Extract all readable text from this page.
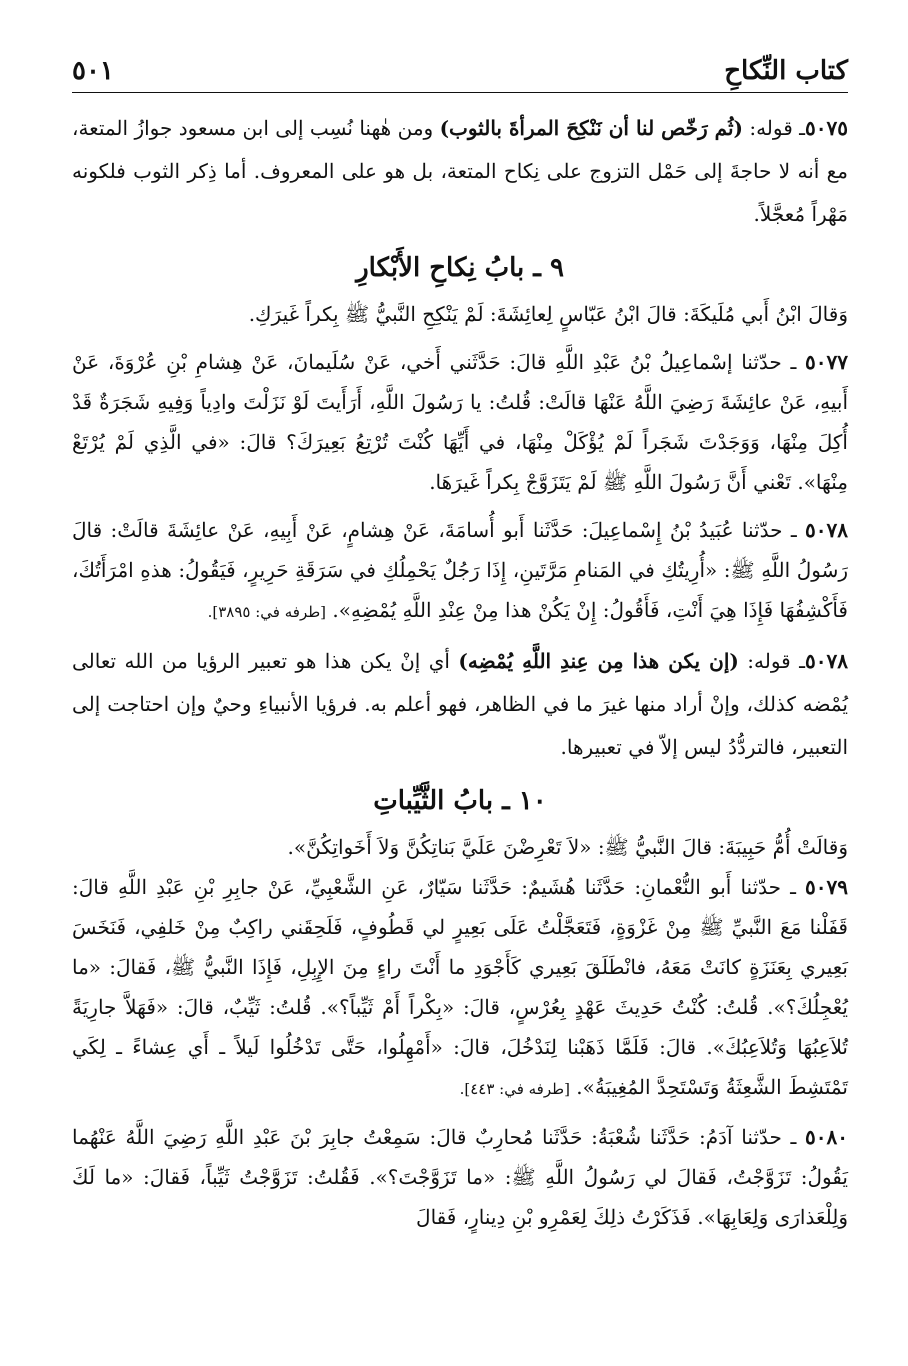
كتاب النِّكاحِ
٥٠١

٥٠٧٥ـ قوله: (ثُم رَخّص لنا أن نَنْكِحَ المرأةَ بالثوب) ومن هٰهنا نُسِب إلى ابن مسعود جوازُ المتعة، مع أنه لا حاجةَ إلى حَمْل التزوج على نِكاح المتعة، بل هو على المعروف. أما ذِكر الثوب فلكونه مَهْراً مُعجَّلاً.

٩ ـ بابُ نِكاحِ الأَبْكارِ

وَقالَ ابْنُ أَبي مُلَيكَةَ: قالَ ابْنُ عَبّاسٍ لِعائِشَةَ: لَمْ يَنْكِحِ النَّبيُّ ﷺ بِكراً غَيرَكِ.

٥٠٧٧ ـ حدّثنا إسْماعِيلُ بْنُ عَبْدِ اللَّهِ قالَ: حَدَّثَني أَخي، عَنْ سُلَيمانَ، عَنْ هِشامِ بْنِ عُرْوَةَ، عَنْ أَبيهِ، عَنْ عائِشَةَ رَضِيَ اللَّهُ عَنْهَا قالَتْ: قُلتُ: يا رَسُولَ اللَّهِ، أَرَأَيتَ لَوْ نَزَلْتَ وادِياً وَفِيهِ شَجَرَةٌ قَدْ أُكِلَ مِنْهَا، وَوَجَدْتَ شَجَراً لَمْ يُؤْكَلْ مِنْهَا، في أَيِّهَا كُنْتَ تُرْتِعُ بَعِيرَكَ؟ قالَ: «في الَّذِي لَمْ يُرْتَعْ مِنْهَا». تَعْني أَنَّ رَسُولَ اللَّهِ ﷺ لَمْ يَتَزَوَّجْ بِكراً غَيرَهَا.

٥٠٧٨ ـ حدّثنا عُبَيدُ بْنُ إِسْماعِيلَ: حَدَّثَنا أَبو أُسامَةَ، عَنْ هِشامٍ، عَنْ أَبِيهِ، عَنْ عائِشَةَ قالَتْ: قالَ رَسُولُ اللَّهِ ﷺ: «أُرِيتُكِ في المَنامِ مَرَّتَينِ، إِذَا رَجُلٌ يَحْمِلُكِ في سَرَقَةِ حَرِيرٍ، فَيَقُولُ: هذهِ امْرَأَتُكَ، فَأَكْشِفُهَا فَإِذَا هِيَ أَنْتِ، فَأَقُولُ: إِنْ يَكُنْ هذا مِنْ عِنْدِ اللَّهِ يُمْضِهِ». [طرفه في: ٣٨٩٥].

٥٠٧٨ـ قوله: (إن يكن هذا مِن عِندِ اللَّهِ يُمْضِه) أي إنْ يكن هذا هو تعبير الرؤيا من الله تعالى يُمْضه كذلك، وإنْ أراد منها غيرَ ما في الظاهر، فهو أعلم به. فرؤيا الأنبياءِ وحيٌ وإن احتاجت إلى التعبير، فالتردُّدُ ليس إلاّ في تعبيرها.

١٠ ـ بابُ الثَّيِّباتِ

وَقالَتْ أُمُّ حَبِيبَةَ: قالَ النَّبيُّ ﷺ: «لاَ تَعْرِضْنَ عَلَيَّ بَناتِكُنَّ وَلاَ أَخَواتِكُنَّ».

٥٠٧٩ ـ حدّثنا أَبو النُّعْمانِ: حَدَّثَنا هُشَيمٌ: حَدَّثَنا سَيّارٌ، عَنِ الشَّعْبِيِّ، عَنْ جابِرِ بْنِ عَبْدِ اللَّهِ قالَ: قَفَلْنا مَعَ النَّبيِّ ﷺ مِنْ غَزْوَةٍ، فَتَعَجَّلْتُ عَلَى بَعِيرٍ لي قَطُوفٍ، فَلَحِقَني راكِبٌ مِنْ خَلفِي، فَنَخَسَ بَعِيري بِعَنَزَةٍ كانَتْ مَعَهُ، فانْطَلَقَ بَعِيري كَأَجْوَدِ ما أَنْتَ راءٍ مِنَ الإِبِلِ، فَإِذَا النَّبيُّ ﷺ، فَقالَ: «ما يُعْجِلُكَ؟». قُلتُ: كُنْتُ حَدِيثَ عَهْدٍ بِعُرْسٍ، قالَ: «بِكْراً أَمْ ثَيِّباً؟». قُلتُ: ثَيِّبٌ، قالَ: «فَهَلاَّ جارِيَةً تُلاَعِبُهَا وَتُلاَعِبُكَ». قالَ: فَلَمَّا ذَهَبْنا لِنَدْخُلَ، قالَ: «أَمْهِلُوا، حَتَّى تَدْخُلُوا لَيلاً ـ أَي عِشاءً ـ لِكَي تَمْتَشِطَ الشَّعِثَةُ وَتَسْتَحِدَّ المُغِيبَةُ». [طرفه في: ٤٤٣].

٥٠٨٠ ـ حدّثنا آدَمُ: حَدَّثَنا شُعْبَةُ: حَدَّثَنا مُحارِبٌ قالَ: سَمِعْتُ جابِرَ بْنَ عَبْدِ اللَّهِ رَضِيَ اللَّهُ عَنْهُما يَقُولُ: تَزَوَّجْتُ، فَقالَ لي رَسُولُ اللَّهِ ﷺ: «ما تَزَوَّجْتَ؟». فَقُلتُ: تَزَوَّجْتُ ثَيِّباً، فَقالَ: «ما لَكَ وَلِلْعَذارَى وَلِعَابِهَا». فَذَكَرْتُ ذلِكَ لِعَمْرِو بْنِ دِينارٍ، فَقالَ
